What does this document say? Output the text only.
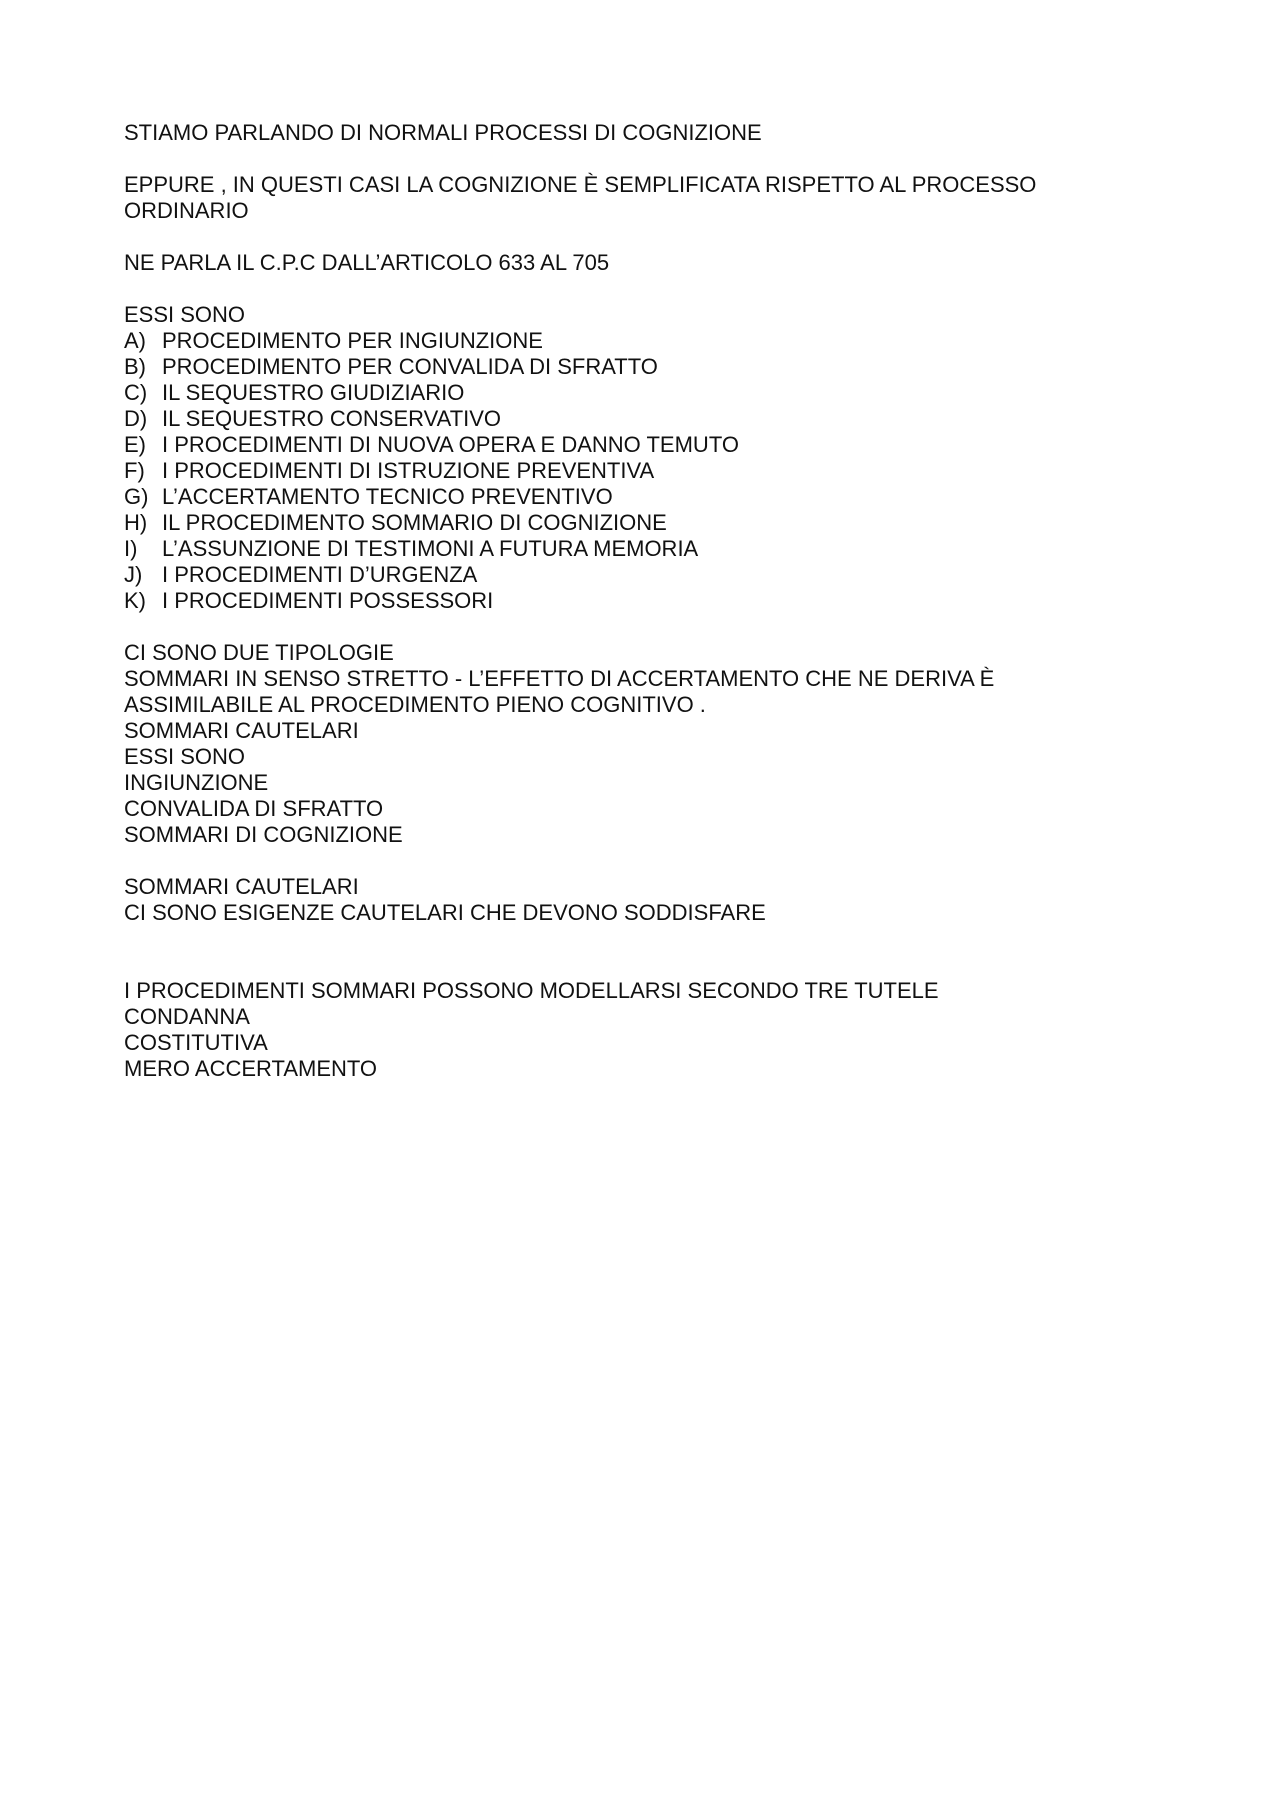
STIAMO PARLANDO DI NORMALI PROCESSI DI COGNIZIONE

EPPURE , IN QUESTI CASI LA COGNIZIONE È SEMPLIFICATA RISPETTO AL PROCESSO
ORDINARIO

NE PARLA IL C.P.C DALL’ARTICOLO 633 AL 705

ESSI SONO
A) PROCEDIMENTO PER INGIUNZIONE
B) PROCEDIMENTO PER CONVALIDA DI SFRATTO
C) IL SEQUESTRO GIUDIZIARIO
D) IL SEQUESTRO CONSERVATIVO
E) I PROCEDIMENTI DI NUOVA OPERA E DANNO TEMUTO
F) I PROCEDIMENTI DI ISTRUZIONE PREVENTIVA
G) L’ACCERTAMENTO TECNICO PREVENTIVO
H) IL PROCEDIMENTO SOMMARIO DI COGNIZIONE
I)	L’ASSUNZIONE DI TESTIMONI A FUTURA MEMORIA
J) I PROCEDIMENTI D’URGENZA
K) I PROCEDIMENTI POSSESSORI

CI SONO DUE TIPOLOGIE
SOMMARI IN SENSO STRETTO - L’EFFETTO DI ACCERTAMENTO CHE NE DERIVA È
ASSIMILABILE AL PROCEDIMENTO PIENO COGNITIVO .
SOMMARI CAUTELARI
ESSI SONO
INGIUNZIONE
CONVALIDA DI SFRATTO
SOMMARI DI COGNIZIONE

SOMMARI CAUTELARI
CI SONO ESIGENZE CAUTELARI CHE DEVONO SODDISFARE

I PROCEDIMENTI SOMMARI POSSONO MODELLARSI SECONDO TRE TUTELE
CONDANNA
COSTITUTIVA
MERO ACCERTAMENTO
